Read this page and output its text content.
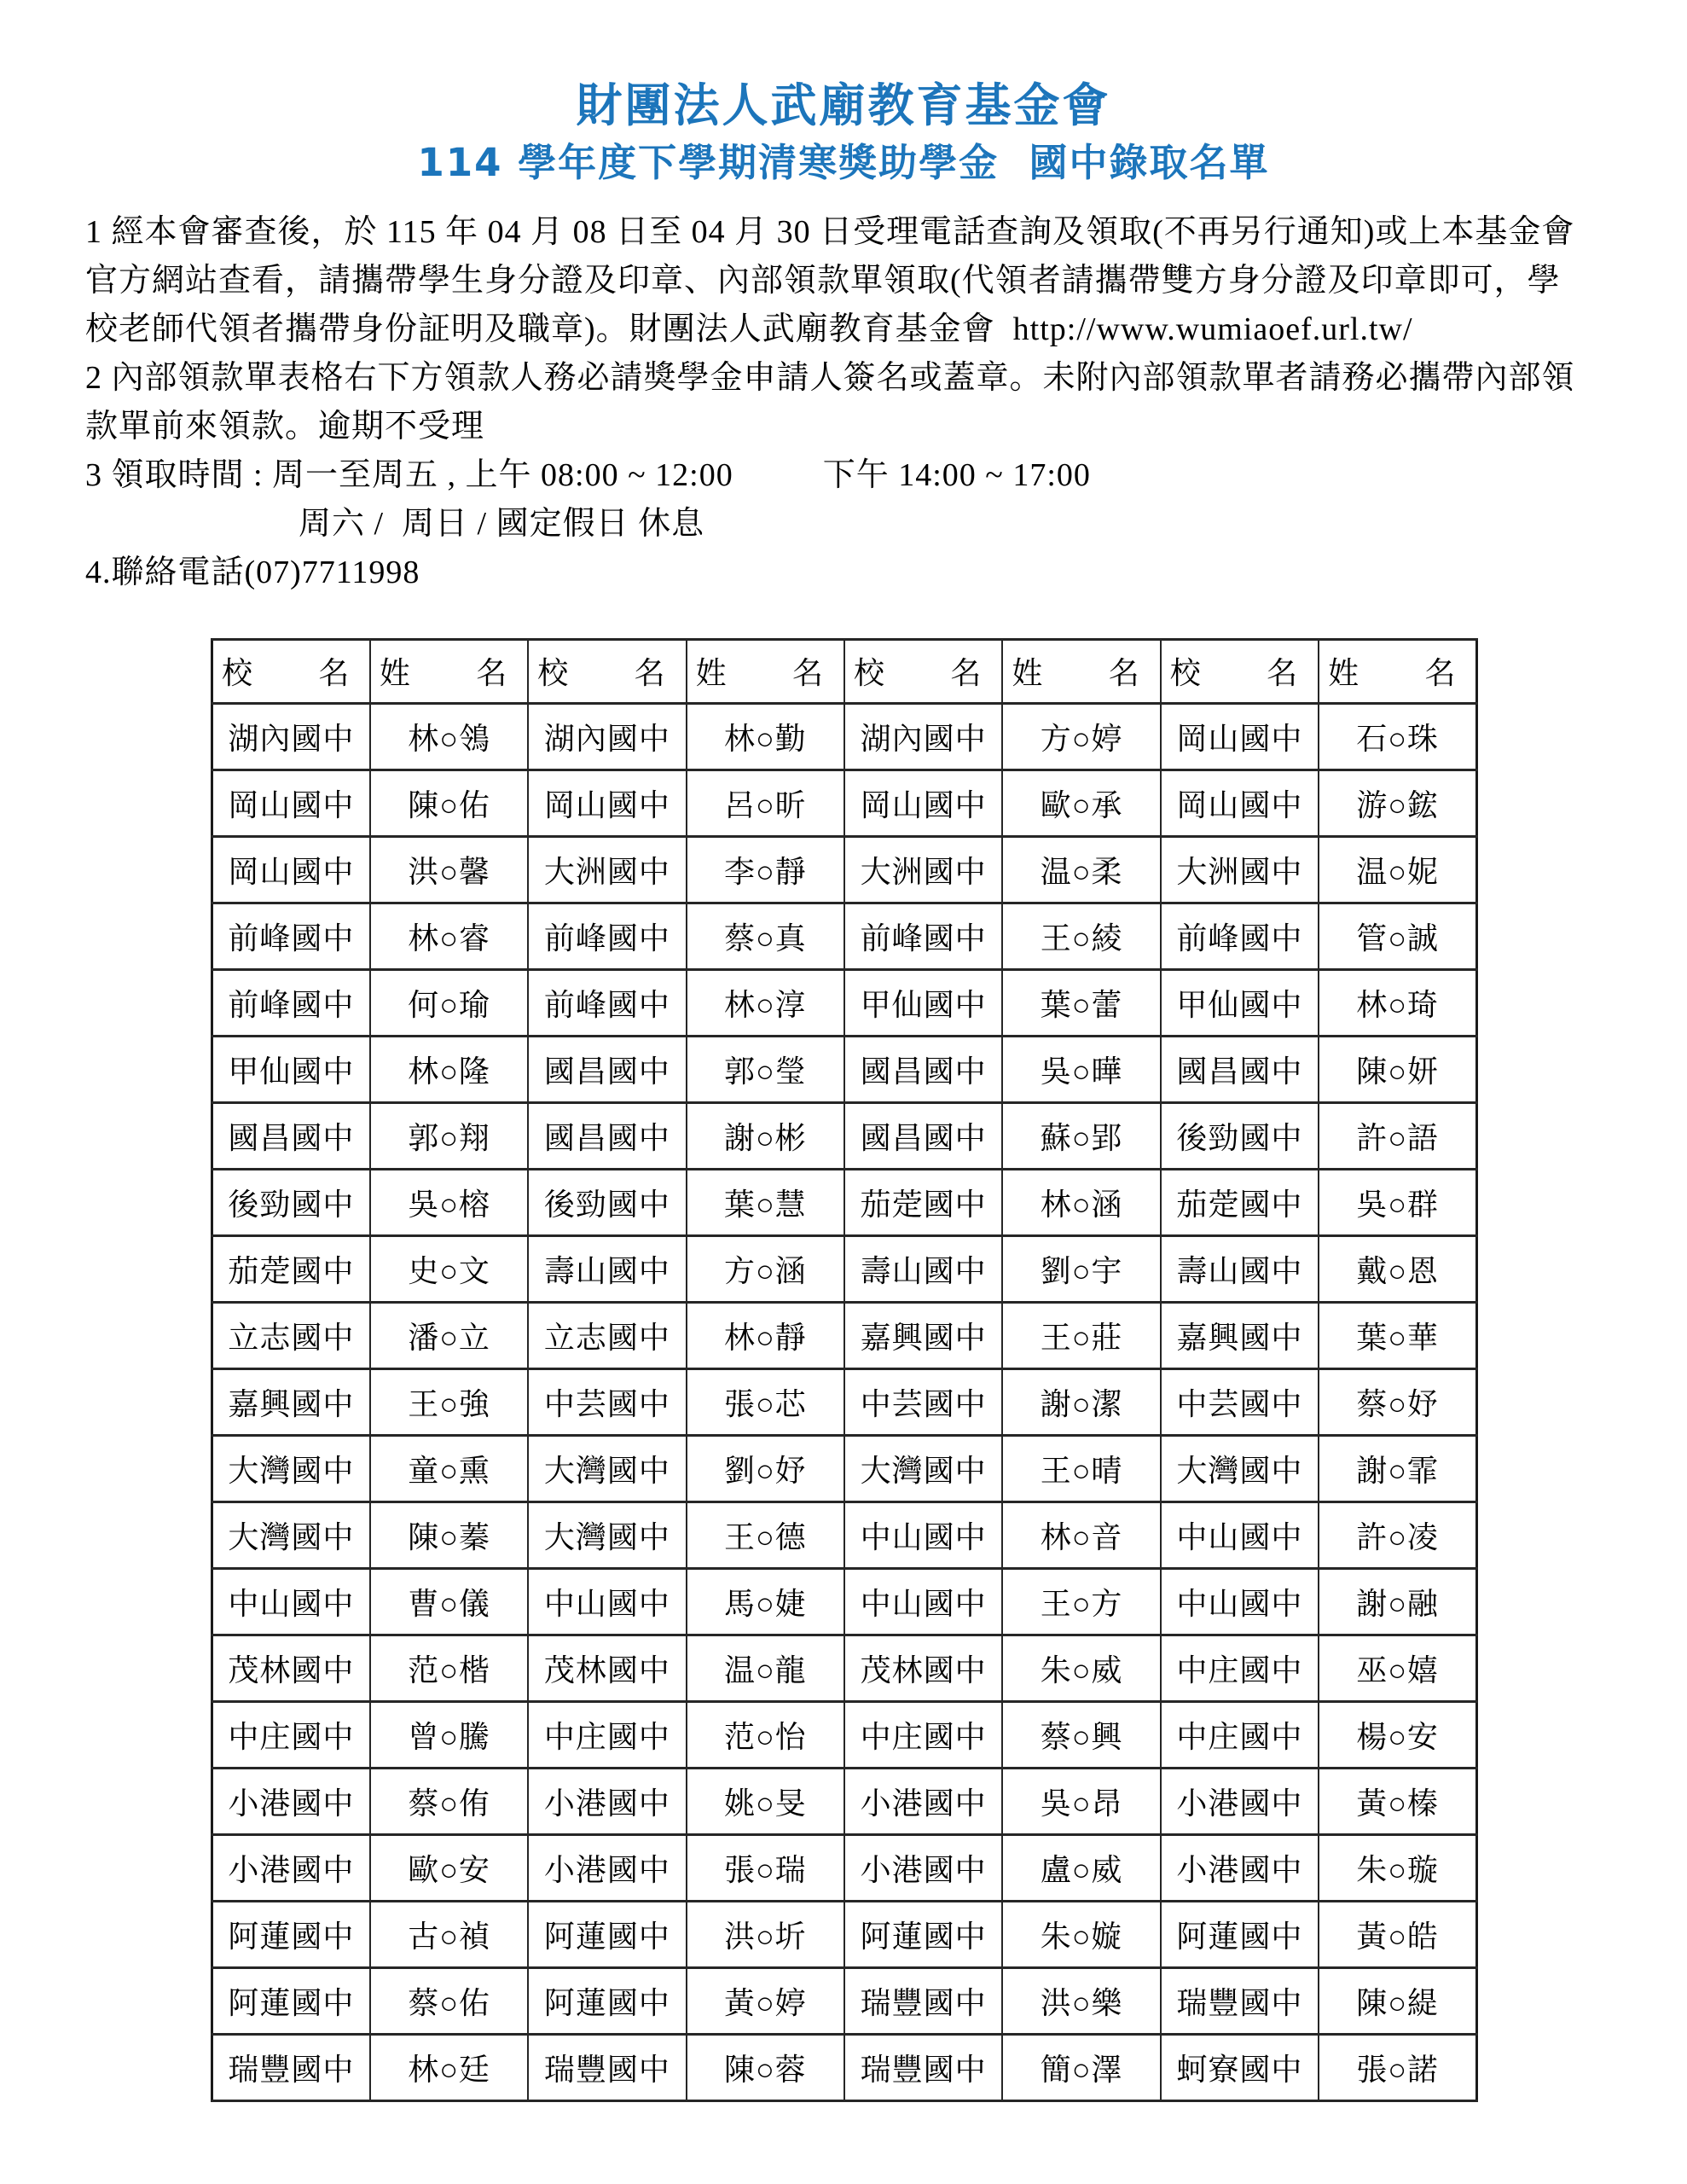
財團法人武廟教育基金會
114 學年度下學期清寒獎助學金  國中錄取名單
1 經本會審查後，於 115 年 04 月 08 日至 04 月 30 日受理電話查詢及領取(不再另行通知)或上本基金會
官方網站查看，請攜帶學生身分證及印章、內部領款單領取(代領者請攜帶雙方身分證及印章即可，學
校老師代領者攜帶身份証明及職章)。財團法人武廟教育基金會  http://www.wumiaoef.url.tw/
2 內部領款單表格右下方領款人務必請獎學金申請人簽名或蓋章。未附內部領款單者請務必攜帶內部領
款單前來領款。逾期不受理
3 領取時間 : 周一至周五 , 上午 08:00 ~ 12:00          下午 14:00 ~ 17:00
周六 /  周日 / 國定假日 休息
4.聯絡電話(07)7711998
校 名	姓 名	校 名	姓 名	校 名	姓 名	校 名	姓 名
湖內國中	林○鴒	湖內國中	林○勤	湖內國中	方○婷	岡山國中	石○珠
岡山國中	陳○佑	岡山國中	呂○昕	岡山國中	歐○承	岡山國中	游○鋐
岡山國中	洪○馨	大洲國中	李○靜	大洲國中	温○柔	大洲國中	温○妮
前峰國中	林○睿	前峰國中	蔡○真	前峰國中	王○綾	前峰國中	管○誠
前峰國中	何○瑜	前峰國中	林○淳	甲仙國中	葉○蕾	甲仙國中	林○琦
甲仙國中	林○隆	國昌國中	郭○瑩	國昌國中	吳○曄	國昌國中	陳○妍
國昌國中	郭○翔	國昌國中	謝○彬	國昌國中	蘇○郢	後勁國中	許○語
後勁國中	吳○榕	後勁國中	葉○慧	茄萣國中	林○涵	茄萣國中	吳○群
茄萣國中	史○文	壽山國中	方○涵	壽山國中	劉○宇	壽山國中	戴○恩
立志國中	潘○立	立志國中	林○靜	嘉興國中	王○莊	嘉興國中	葉○華
嘉興國中	王○強	中芸國中	張○芯	中芸國中	謝○潔	中芸國中	蔡○妤
大灣國中	童○熏	大灣國中	劉○妤	大灣國中	王○晴	大灣國中	謝○霏
大灣國中	陳○蓁	大灣國中	王○德	中山國中	林○音	中山國中	許○凌
中山國中	曹○儀	中山國中	馬○婕	中山國中	王○方	中山國中	謝○融
茂林國中	范○楷	茂林國中	温○龍	茂林國中	朱○威	中庄國中	巫○嬉
中庄國中	曾○騰	中庄國中	范○怡	中庄國中	蔡○興	中庄國中	楊○安
小港國中	蔡○侑	小港國中	姚○旻	小港國中	吳○昂	小港國中	黃○榛
小港國中	歐○安	小港國中	張○瑞	小港國中	盧○威	小港國中	朱○璇
阿蓮國中	古○禎	阿蓮國中	洪○圻	阿蓮國中	朱○嫙	阿蓮國中	黃○皓
阿蓮國中	蔡○佑	阿蓮國中	黃○婷	瑞豐國中	洪○樂	瑞豐國中	陳○緹
瑞豐國中	林○廷	瑞豐國中	陳○蓉	瑞豐國中	簡○澤	蚵寮國中	張○諾
